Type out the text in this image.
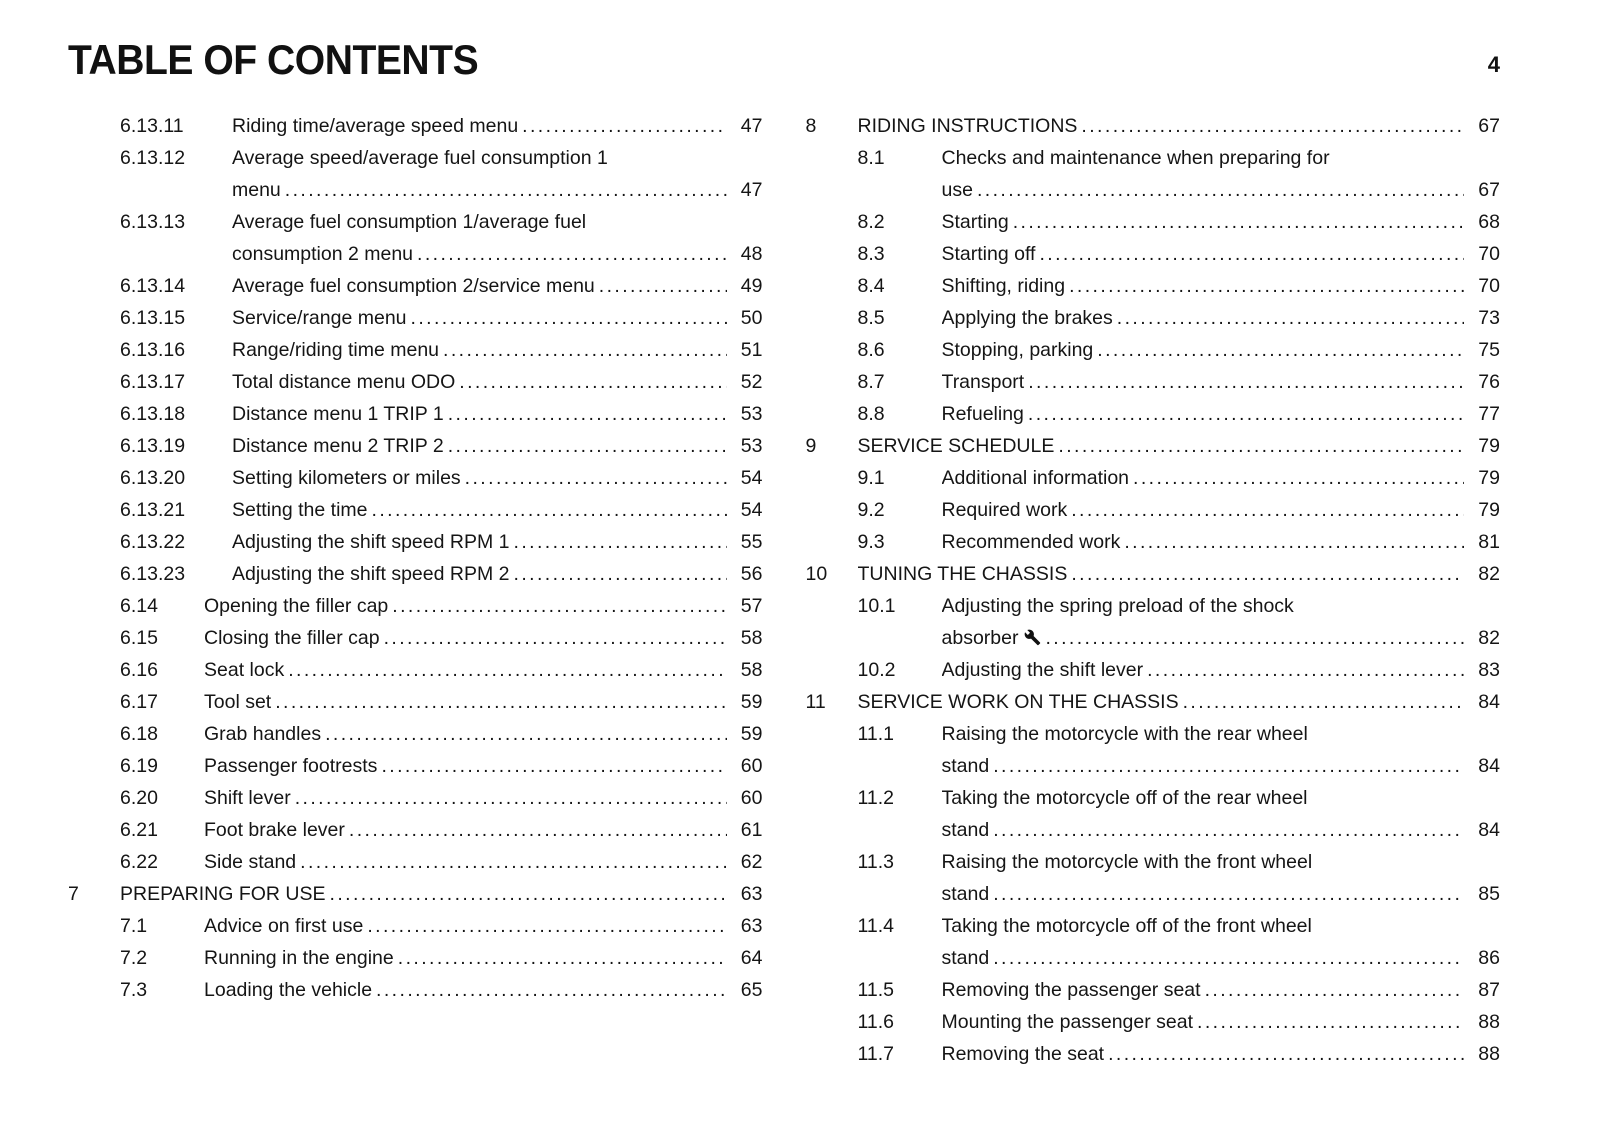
TABLE OF CONTENTS	4
6.13.11	Riding time/average speed menu	47
6.13.12	Average speed/average fuel consumption 1
menu	47
6.13.13	Average fuel consumption 1/average fuel
consumption 2 menu	48
6.13.14	Average fuel consumption 2/service menu	49
6.13.15	Service/range menu	50
6.13.16	Range/riding time menu	51
6.13.17	Total distance menu ODO	52
6.13.18	Distance menu 1 TRIP 1	53
6.13.19	Distance menu 2 TRIP 2	53
6.13.20	Setting kilometers or miles	54
6.13.21	Setting the time	54
6.13.22	Adjusting the shift speed RPM 1	55
6.13.23	Adjusting the shift speed RPM 2	56
6.14	Opening the filler cap	57
6.15	Closing the filler cap	58
6.16	Seat lock	58
6.17	Tool set	59
6.18	Grab handles	59
6.19	Passenger footrests	60
6.20	Shift lever	60
6.21	Foot brake lever	61
6.22	Side stand	62
7	PREPARING FOR USE	63
7.1	Advice on first use	63
7.2	Running in the engine	64
7.3	Loading the vehicle	65
8	RIDING INSTRUCTIONS	67
8.1	Checks and maintenance when preparing for
use	67
8.2	Starting	68
8.3	Starting off	70
8.4	Shifting, riding	70
8.5	Applying the brakes	73
8.6	Stopping, parking	75
8.7	Transport	76
8.8	Refueling	77
9	SERVICE SCHEDULE	79
9.1	Additional information	79
9.2	Required work	79
9.3	Recommended work	81
10	TUNING THE CHASSIS	82
10.1	Adjusting the spring preload of the shock
absorber	82
10.2	Adjusting the shift lever	83
11	SERVICE WORK ON THE CHASSIS	84
11.1	Raising the motorcycle with the rear wheel
stand	84
11.2	Taking the motorcycle off of the rear wheel
stand	84
11.3	Raising the motorcycle with the front wheel
stand	85
11.4	Taking the motorcycle off of the front wheel
stand	86
11.5	Removing the passenger seat	87
11.6	Mounting the passenger seat	88
11.7	Removing the seat	88
